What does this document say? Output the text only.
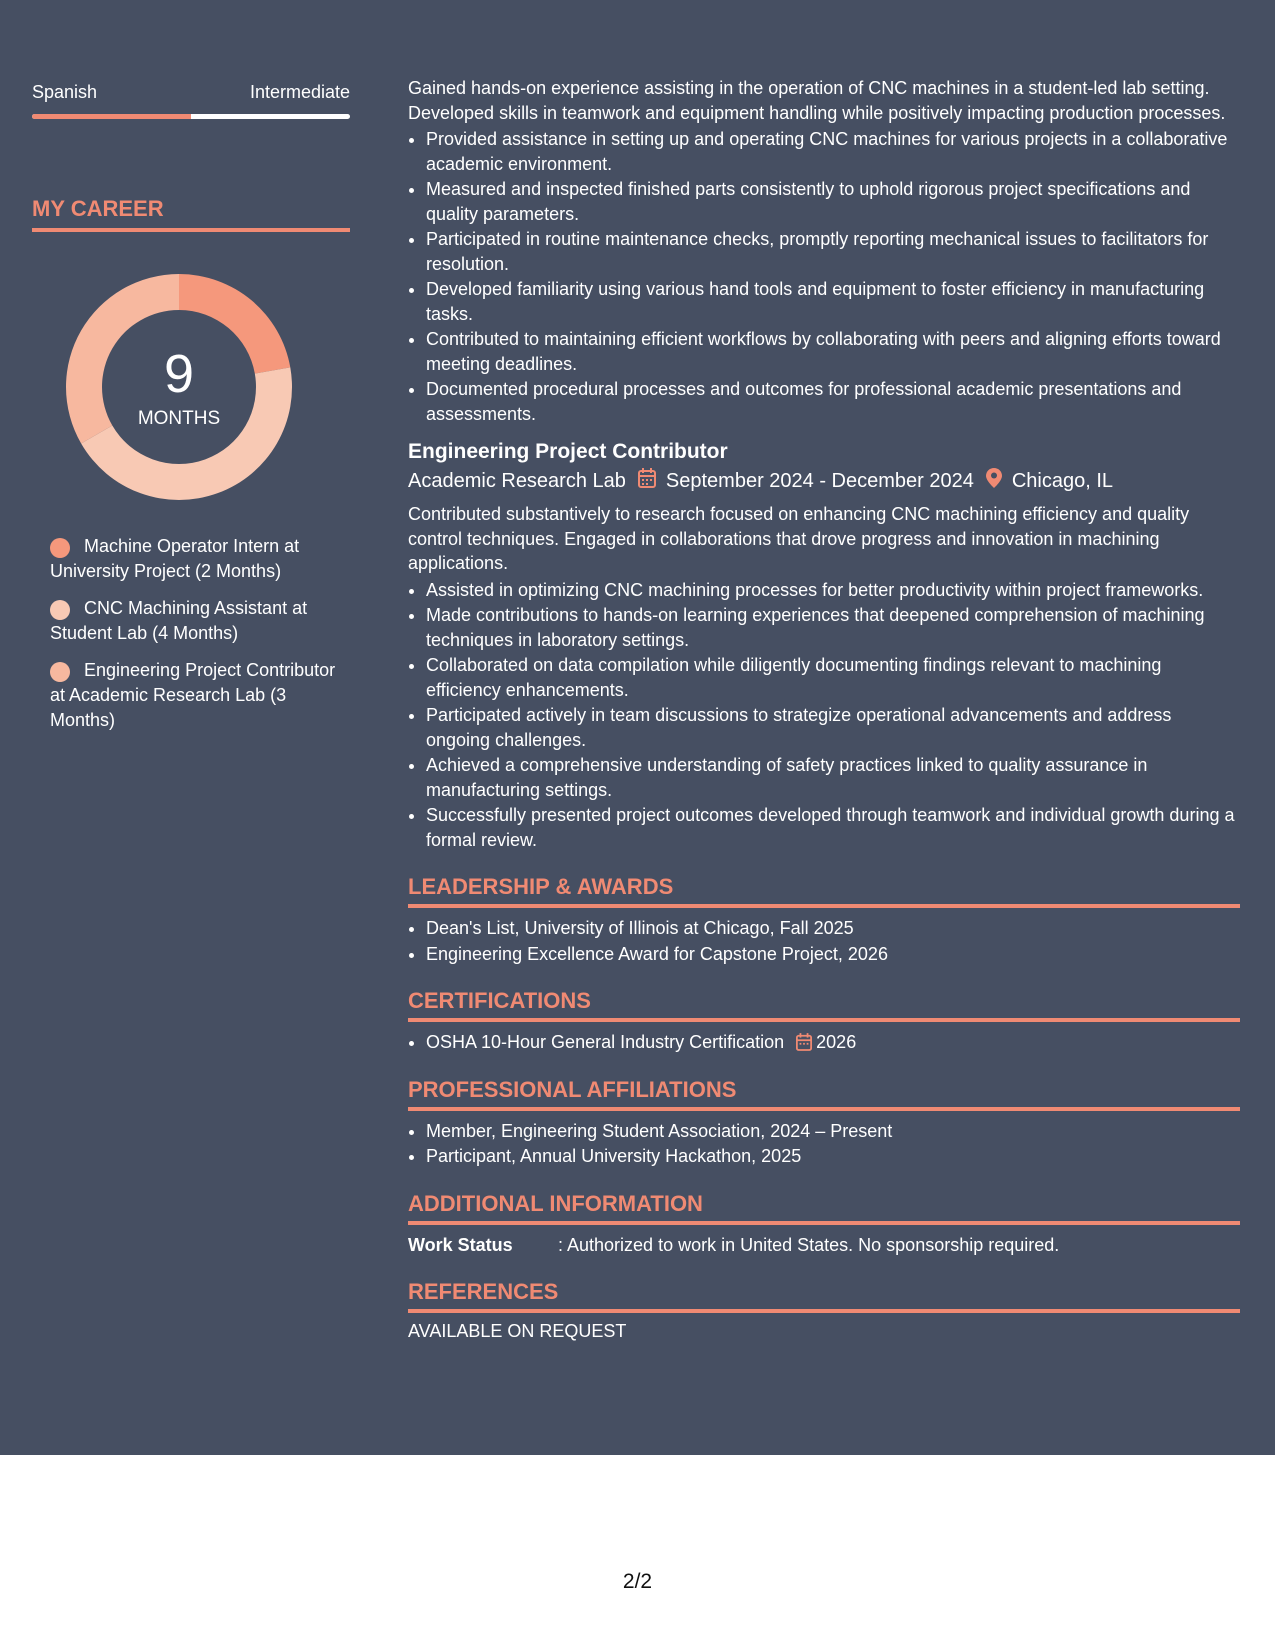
Spanish	Intermediate
MY CAREER
9
MONTHS
Machine Operator Intern at University Project (2 Months)
CNC Machining Assistant at Student Lab (4 Months)
Engineering Project Contributor at Academic Research Lab (3 Months)

Gained hands-on experience assisting in the operation of CNC machines in a student-led lab setting. Developed skills in teamwork and equipment handling while positively impacting production processes.

• Provided assistance in setting up and operating CNC machines for various projects in a collaborative academic environment.
• Measured and inspected finished parts consistently to uphold rigorous project specifications and quality parameters.
• Participated in routine maintenance checks, promptly reporting mechanical issues to facilitators for resolution.
• Developed familiarity using various hand tools and equipment to foster efficiency in manufacturing tasks.
• Contributed to maintaining efficient workflows by collaborating with peers and aligning efforts toward meeting deadlines.
• Documented procedural processes and outcomes for professional academic presentations and assessments.
Engineering Project Contributor
Academic Research Lab September 2024 - December 2024 Chicago, IL

Contributed substantively to research focused on enhancing CNC machining efficiency and quality control techniques. Engaged in collaborations that drove progress and innovation in machining applications.

• Assisted in optimizing CNC machining processes for better productivity within project frameworks.
• Made contributions to hands-on learning experiences that deepened comprehension of machining techniques in laboratory settings.
• Collaborated on data compilation while diligently documenting findings relevant to machining efficiency enhancements.
• Participated actively in team discussions to strategize operational advancements and address ongoing challenges.
• Achieved a comprehensive understanding of safety practices linked to quality assurance in manufacturing settings.
• Successfully presented project outcomes developed through teamwork and individual growth during a formal review.
LEADERSHIP & AWARDS
• Dean's List, University of Illinois at Chicago, Fall 2025
• Engineering Excellence Award for Capstone Project, 2026
CERTIFICATIONS
• OSHA 10-Hour General Industry Certification 2026
PROFESSIONAL AFFILIATIONS
• Member, Engineering Student Association, 2024 – Present
• Participant, Annual University Hackathon, 2025
ADDITIONAL INFORMATION
Work Status	: Authorized to work in United States. No sponsorship required.
REFERENCES
AVAILABLE ON REQUEST
2/2
